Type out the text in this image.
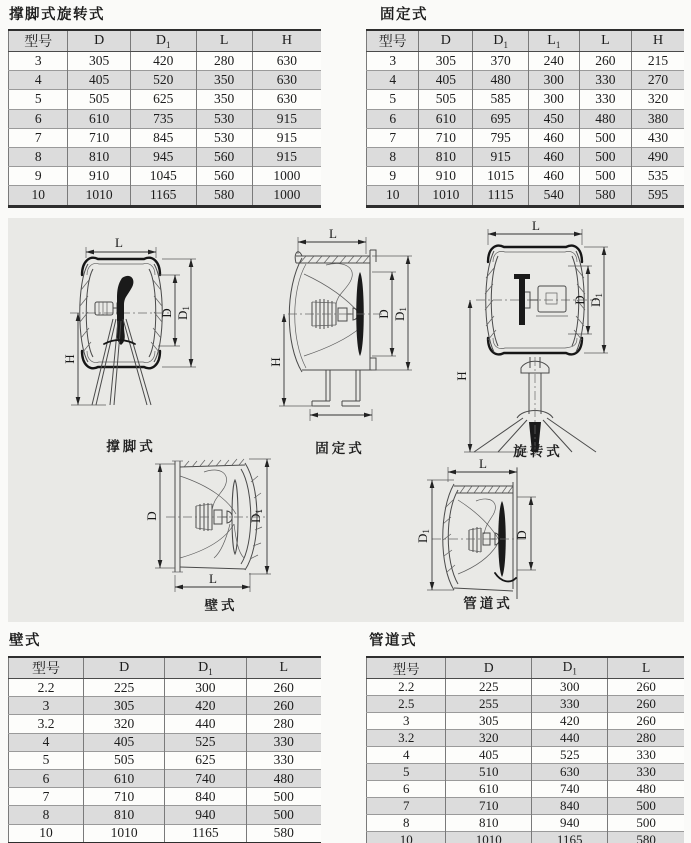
撑脚式旋转式	固定式
壁式	管道式
型号	D	$D_1$	L	H
3	305	420	280	630
4	405	520	350	630
5	505	625	350	630
6	610	735	530	915
7	710	845	530	915
8	810	945	560	915
9	910	1045	560	1000
10	1010	1165	580	1000
型号	D	$D_1$	$L_1$	L	H
3	305	370	240	260	215
4	405	480	300	330	270
5	505	585	300	330	320
6	610	695	450	480	380
7	710	795	460	500	430
8	810	915	460	500	490
9	910	1015	460	500	535
10	1010	1115	540	580	595
型号	D	$D_1$	L
2.2	225	300	260
3	305	420	260
3.2	320	440	280
4	405	525	330
5	505	625	330
6	610	740	480
7	710	840	500
8	810	940	500
10	1010	1165	580
型号	D	$D_1$	L
2.2	225	300	260
2.5	255	330	260
3	305	420	260
3.2	320	440	280
4	405	525	330
5	510	630	330
6	610	740	480
7	710	840	500
8	810	940	500
10	1010	1165	580
L
D D1
H
L
D D1
H
L
D D1
H
D	D1
L
L
D1	D
撑脚式	固定式	旋转式
壁式	管道式
